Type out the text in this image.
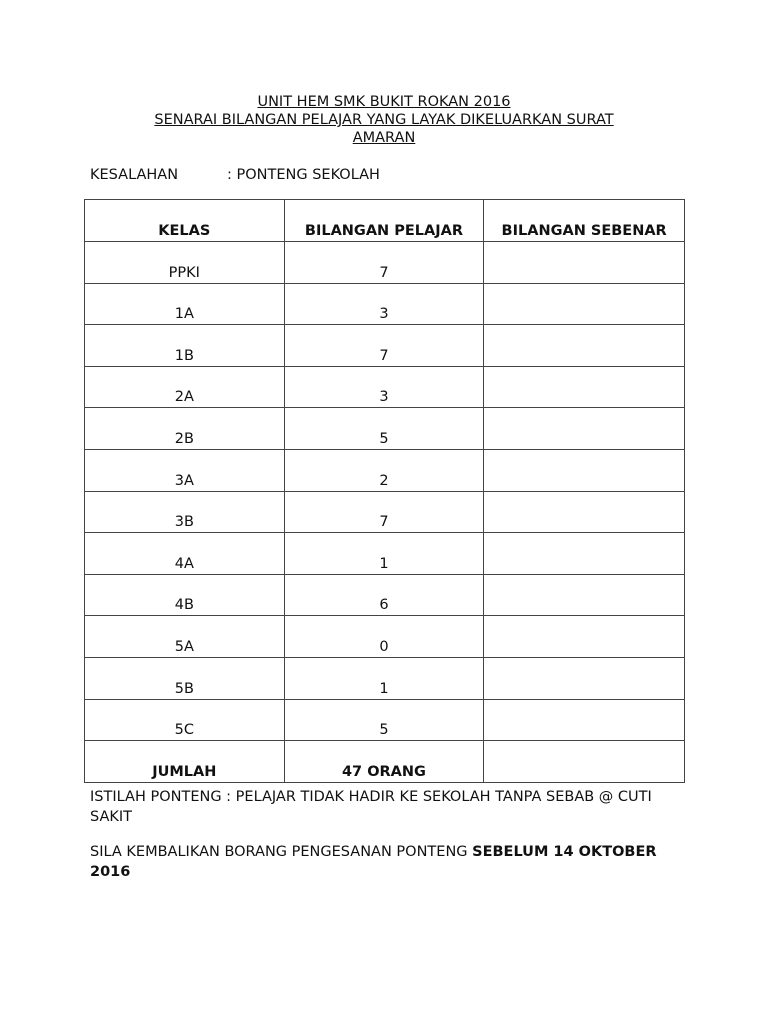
UNIT HEM SMK BUKIT ROKAN 2016
SENARAI BILANGAN PELAJAR YANG LAYAK DIKELUARKAN SURAT
AMARAN
KESALAHAN	: PONTENG SEKOLAH
KELAS	BILANGAN PELAJAR	BILANGAN SEBENAR
PPKI	7	
1A	3	
1B	7	
2A	3	
2B	5	
3A	2	
3B	7	
4A	1	
4B	6	
5A	0	
5B	1	
5C	5	
JUMLAH	47 ORANG	
ISTILAH PONTENG : PELAJAR TIDAK HADIR KE SEKOLAH TANPA SEBAB @ CUTI SAKIT
SILA KEMBALIKAN BORANG PENGESANAN PONTENG SEBELUM 14 OKTOBER 2016
